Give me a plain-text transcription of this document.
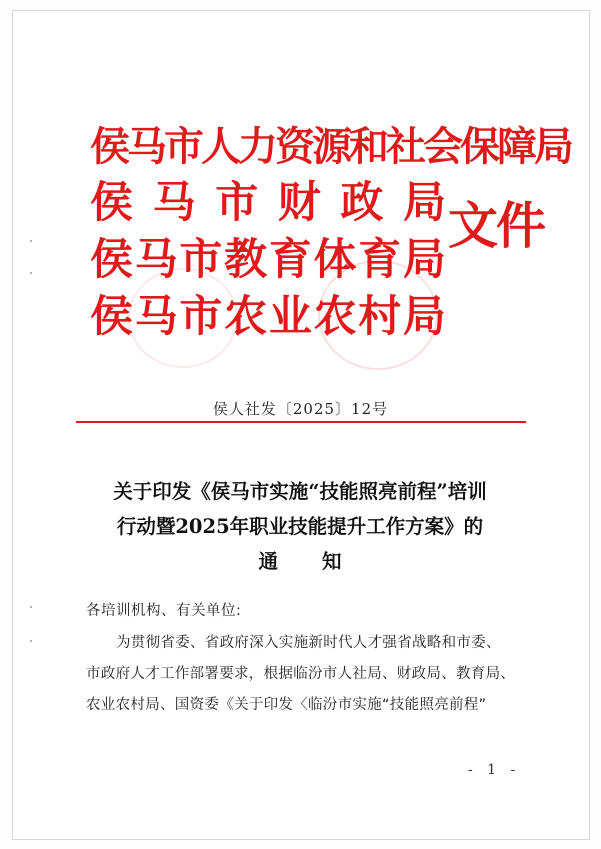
侯马市人力资源和社会保障局
侯 马 市 财 政 局
侯 马 市 教 育 体 育 局
侯 马 市 农 业 农 村 局
文件
侯人社发〔2025〕12号
关于印发《侯马市实施“技能照亮前程”培训
行动暨2025年职业技能提升工作方案》的
通知
各培训机构、有关单位:
为贯彻省委、省政府深入实施新时代人才强省战略和市委、
市政府人才工作部署要求，根据临汾市人社局、财政局、教育局、
农业农村局、国资委《关于印发〈临汾市实施“技能照亮前程”
- 1 -
